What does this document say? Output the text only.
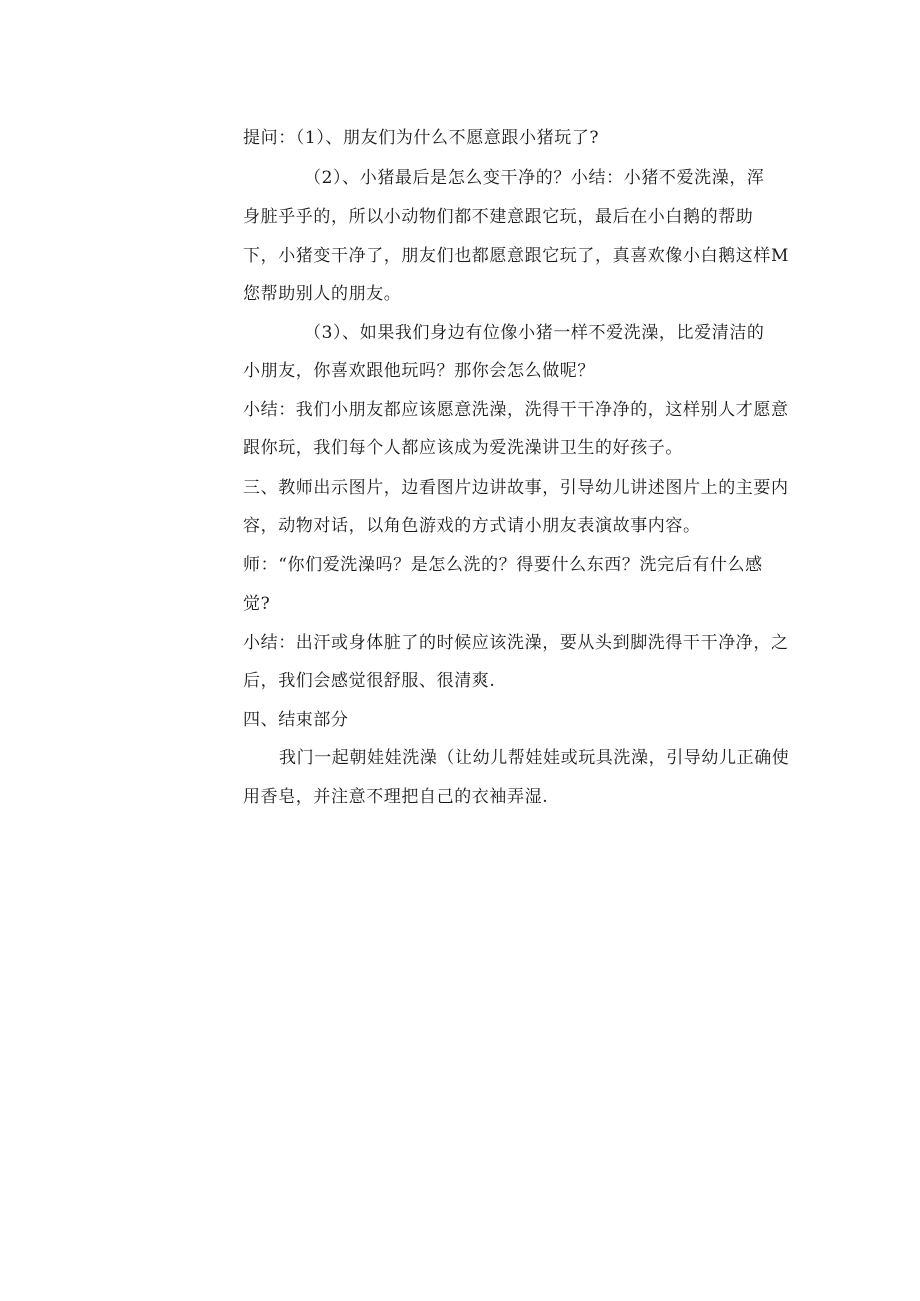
提问：（1）、朋友们为什么不愿意跟小猪玩了?
（2）、小猪最后是怎么变干净的？小结：小猪不爱洗澡，浑
身脏乎乎的，所以小动物们都不建意跟它玩，最后在小白鹅的帮助
下，小猪变干净了，朋友们也都愿意跟它玩了，真喜欢像小白鹅这样M
您帮助别人的朋友。
（3）、如果我们身边有位像小猪一样不爱洗澡，比爱清洁的
小朋友，你喜欢跟他玩吗？那你会怎么做呢？
小结：我们小朋友都应该愿意洗澡，洗得干干净净的，这样别人才愿意
跟你玩，我们每个人都应该成为爱洗澡讲卫生的好孩子。
三、教师出示图片，边看图片边讲故事，引导幼儿讲述图片上的主要内
容，动物对话，以角色游戏的方式请小朋友表演故事内容。
师：“你们爱洗澡吗？是怎么洗的？得要什么东西？洗完后有什么感
觉?
小结：出汗或身体脏了的时候应该洗澡，要从头到脚洗得干干净净，之
后，我们会感觉很舒服、很清爽.
四、结束部分
我门一起朝娃娃洗澡（让幼儿帮娃娃或玩具洗澡，引导幼儿正确使
用香皂，并注意不理把自己的衣袖弄湿.
